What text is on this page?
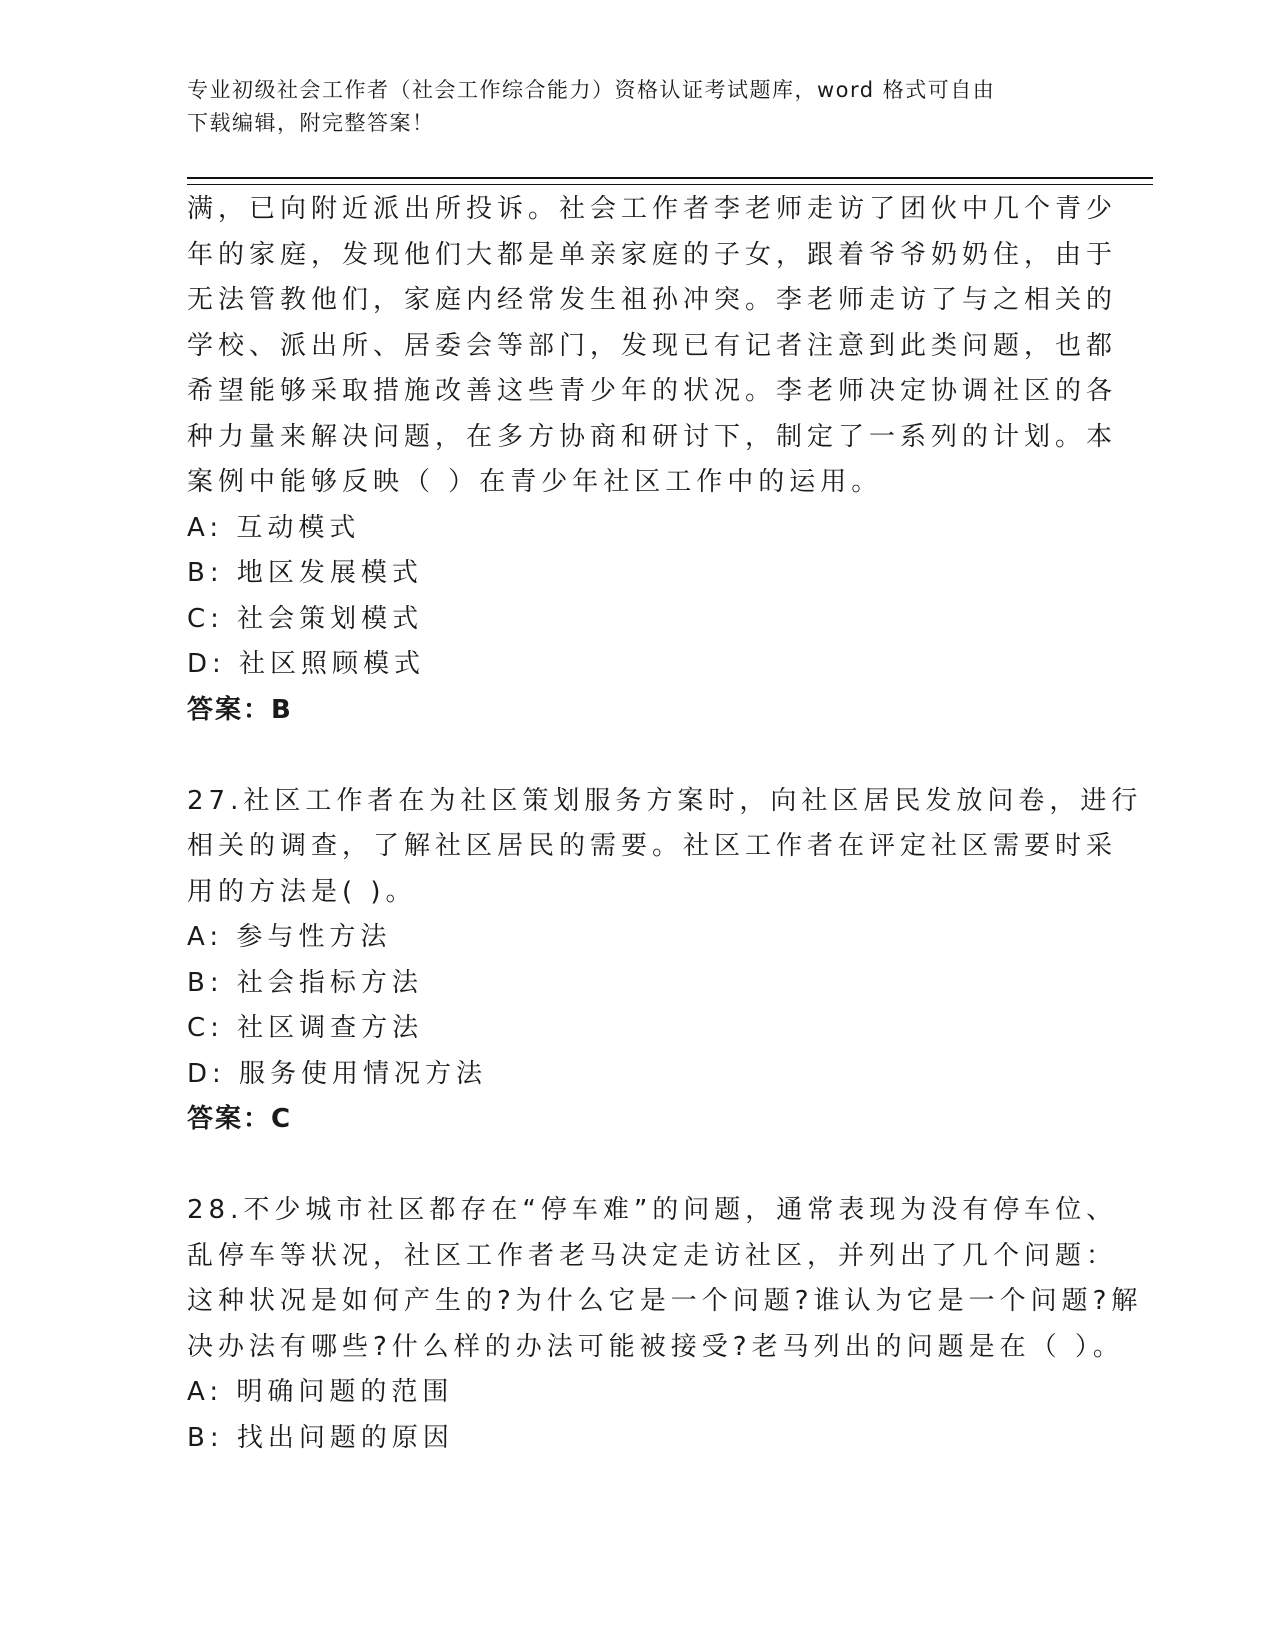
专业初级社会工作者（社会工作综合能力）资格认证考试题库，word 格式可自由
下载编辑，附完整答案！
满，已向附近派出所投诉。社会工作者李老师走访了团伙中几个青少
年的家庭，发现他们大都是单亲家庭的子女，跟着爷爷奶奶住，由于
无法管教他们，家庭内经常发生祖孙冲突。李老师走访了与之相关的
学校、派出所、居委会等部门，发现已有记者注意到此类问题，也都
希望能够采取措施改善这些青少年的状况。李老师决定协调社区的各
种力量来解决问题，在多方协商和研讨下，制定了一系列的计划。本
案例中能够反映（ ）在青少年社区工作中的运用。
A: 互动模式
B: 地区发展模式
C: 社会策划模式
D: 社区照顾模式
答案：B
27.社区工作者在为社区策划服务方案时，向社区居民发放问卷，进行
相关的调查，了解社区居民的需要。社区工作者在评定社区需要时采
用的方法是( )。
A: 参与性方法
B: 社会指标方法
C: 社区调查方法
D: 服务使用情况方法
答案：C
28.不少城市社区都存在“停车难”的问题，通常表现为没有停车位、
乱停车等状况，社区工作者老马决定走访社区，并列出了几个问题：
这种状况是如何产生的?为什么它是一个问题?谁认为它是一个问题?解
决办法有哪些?什么样的办法可能被接受?老马列出的问题是在（ ）。
A: 明确问题的范围
B: 找出问题的原因
